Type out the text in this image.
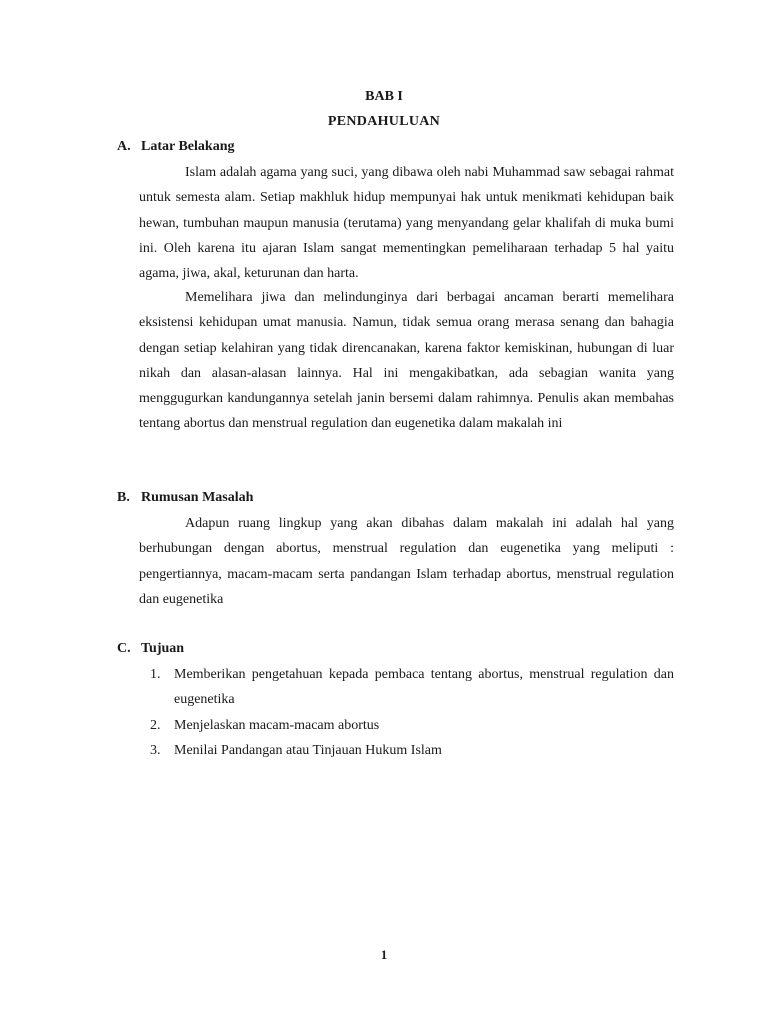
BAB I
PENDAHULUAN
A. Latar Belakang

Islam adalah agama yang suci, yang dibawa oleh nabi Muhammad saw sebagai rahmat untuk semesta alam. Setiap makhluk hidup mempunyai hak untuk menikmati kehidupan baik hewan, tumbuhan maupun manusia (terutama) yang menyandang gelar khalifah di muka bumi ini. Oleh karena itu ajaran Islam sangat mementingkan pemeliharaan terhadap 5 hal yaitu agama, jiwa, akal, keturunan dan harta.

Memelihara jiwa dan melindunginya dari berbagai ancaman berarti memelihara eksistensi kehidupan umat manusia. Namun, tidak semua orang merasa senang dan bahagia dengan setiap kelahiran yang tidak direncanakan, karena faktor kemiskinan, hubungan di luar nikah dan alasan-alasan lainnya. Hal ini mengakibatkan, ada sebagian wanita yang menggugurkan kandungannya setelah janin bersemi dalam rahimnya. Penulis akan membahas tentang abortus dan menstrual regulation dan eugenetika dalam makalah ini

B. Rumusan Masalah

Adapun ruang lingkup yang akan dibahas dalam makalah ini adalah hal yang berhubungan dengan abortus, menstrual regulation dan eugenetika yang meliputi : pengertiannya, macam-macam serta pandangan Islam terhadap abortus, menstrual regulation dan eugenetika

C. Tujuan
1. Memberikan pengetahuan kepada pembaca tentang abortus, menstrual regulation dan eugenetika
2. Menjelaskan macam-macam abortus
3. Menilai Pandangan atau Tinjauan Hukum Islam
1
